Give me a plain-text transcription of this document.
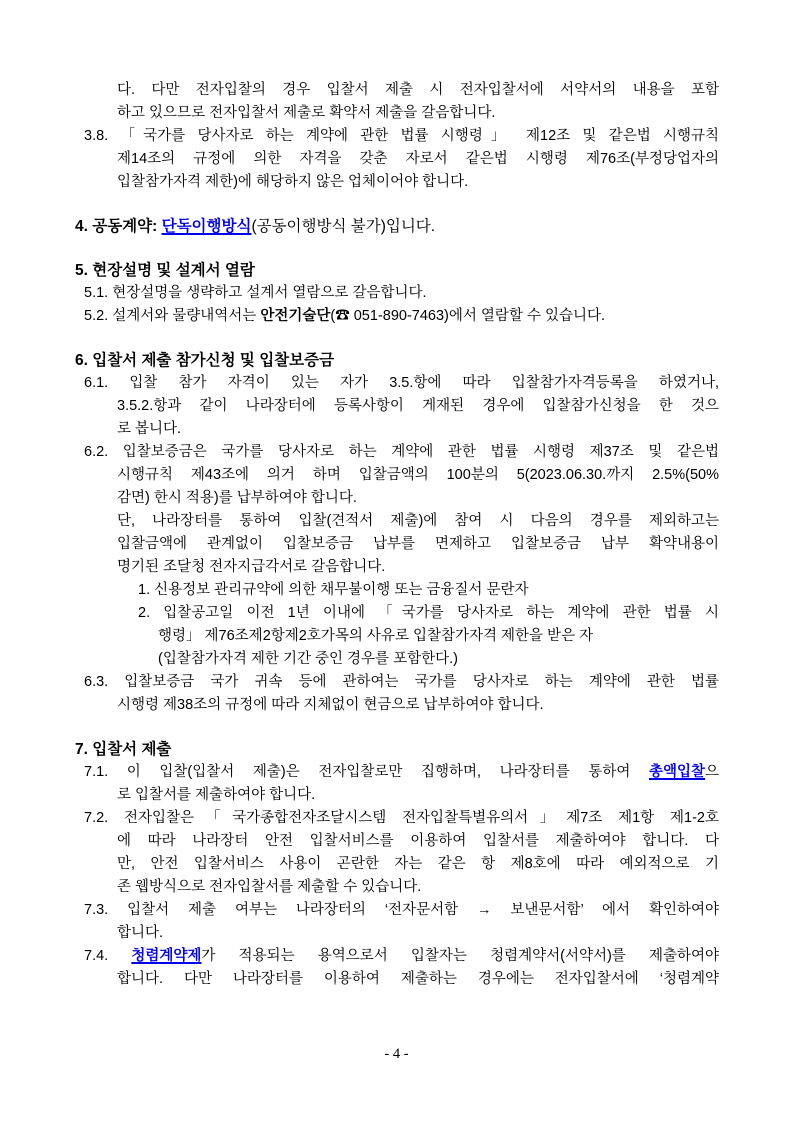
다. 다만 전자입찰의 경우 입찰서 제출 시 전자입찰서에 서약서의 내용을 포함
하고 있으므로 전자입찰서 제출로 확약서 제출을 갈음합니다.
3.8. 「국가를 당사자로 하는 계약에 관한 법률 시행령」 제12조 및 같은법 시행규칙
제14조의 규정에 의한 자격을 갖춘 자로서 같은법 시행령 제76조(부정당업자의
입찰참가자격 제한)에 해당하지 않은 업체이어야 합니다.
4. 공동계약: 단독이행방식(공동이행방식 불가)입니다.
5. 현장설명 및 설계서 열람
5.1. 현장설명을 생략하고 설계서 열람으로 갈음합니다.
5.2. 설계서와 물량내역서는 안전기술단(☎ 051-890-7463)에서 열람할 수 있습니다.
6. 입찰서 제출 참가신청 및 입찰보증금
6.1. 입찰 참가 자격이 있는 자가 3.5.항에 따라 입찰참가자격등록을 하였거나,
3.5.2.항과 같이 나라장터에 등록사항이 게재된 경우에 입찰참가신청을 한 것으
로 봅니다.
6.2. 입찰보증금은 국가를 당사자로 하는 계약에 관한 법률 시행령 제37조 및 같은법
시행규칙 제43조에 의거 하며 입찰금액의 100분의 5(2023.06.30.까지 2.5%(50%
감면) 한시 적용)를 납부하여야 합니다.
단, 나라장터를 통하여 입찰(견적서 제출)에 참여 시 다음의 경우를 제외하고는
입찰금액에 관계없이 입찰보증금 납부를 면제하고 입찰보증금 납부 확약내용이
명기된 조달청 전자지급각서로 갈음합니다.
1. 신용정보 관리규약에 의한 채무불이행 또는 금융질서 문란자
2. 입찰공고일 이전 1년 이내에 「국가를 당사자로 하는 계약에 관한 법률 시
행령」 제76조제2항제2호가목의 사유로 입찰참가자격 제한을 받은 자
(입찰참가자격 제한 기간 중인 경우를 포함한다.)
6.3. 입찰보증금 국가 귀속 등에 관하여는 국가를 당사자로 하는 계약에 관한 법률
시행령 제38조의 규정에 따라 지체없이 현금으로 납부하여야 합니다.
7. 입찰서 제출
7.1. 이 입찰(입찰서 제출)은 전자입찰로만 집행하며, 나라장터를 통하여 총액입찰으
로 입찰서를 제출하여야 합니다.
7.2. 전자입찰은「국가종합전자조달시스템 전자입찰특별유의서」제7조 제1항 제1-2호
에 따라 나라장터 안전 입찰서비스를 이용하여 입찰서를 제출하여야 합니다. 다
만, 안전 입찰서비스 사용이 곤란한 자는 같은 항 제8호에 따라 예외적으로 기
존 웹방식으로 전자입찰서를 제출할 수 있습니다.
7.3. 입찰서 제출 여부는 나라장터의 ‘전자문서함 → 보낸문서함’ 에서 확인하여야
합니다.
7.4. 청렴계약제가 적용되는 용역으로서 입찰자는 청렴계약서(서약서)를 제출하여야
합니다. 다만 나라장터를 이용하여 제출하는 경우에는 전자입찰서에 ‘청렴계약
- 4 -
